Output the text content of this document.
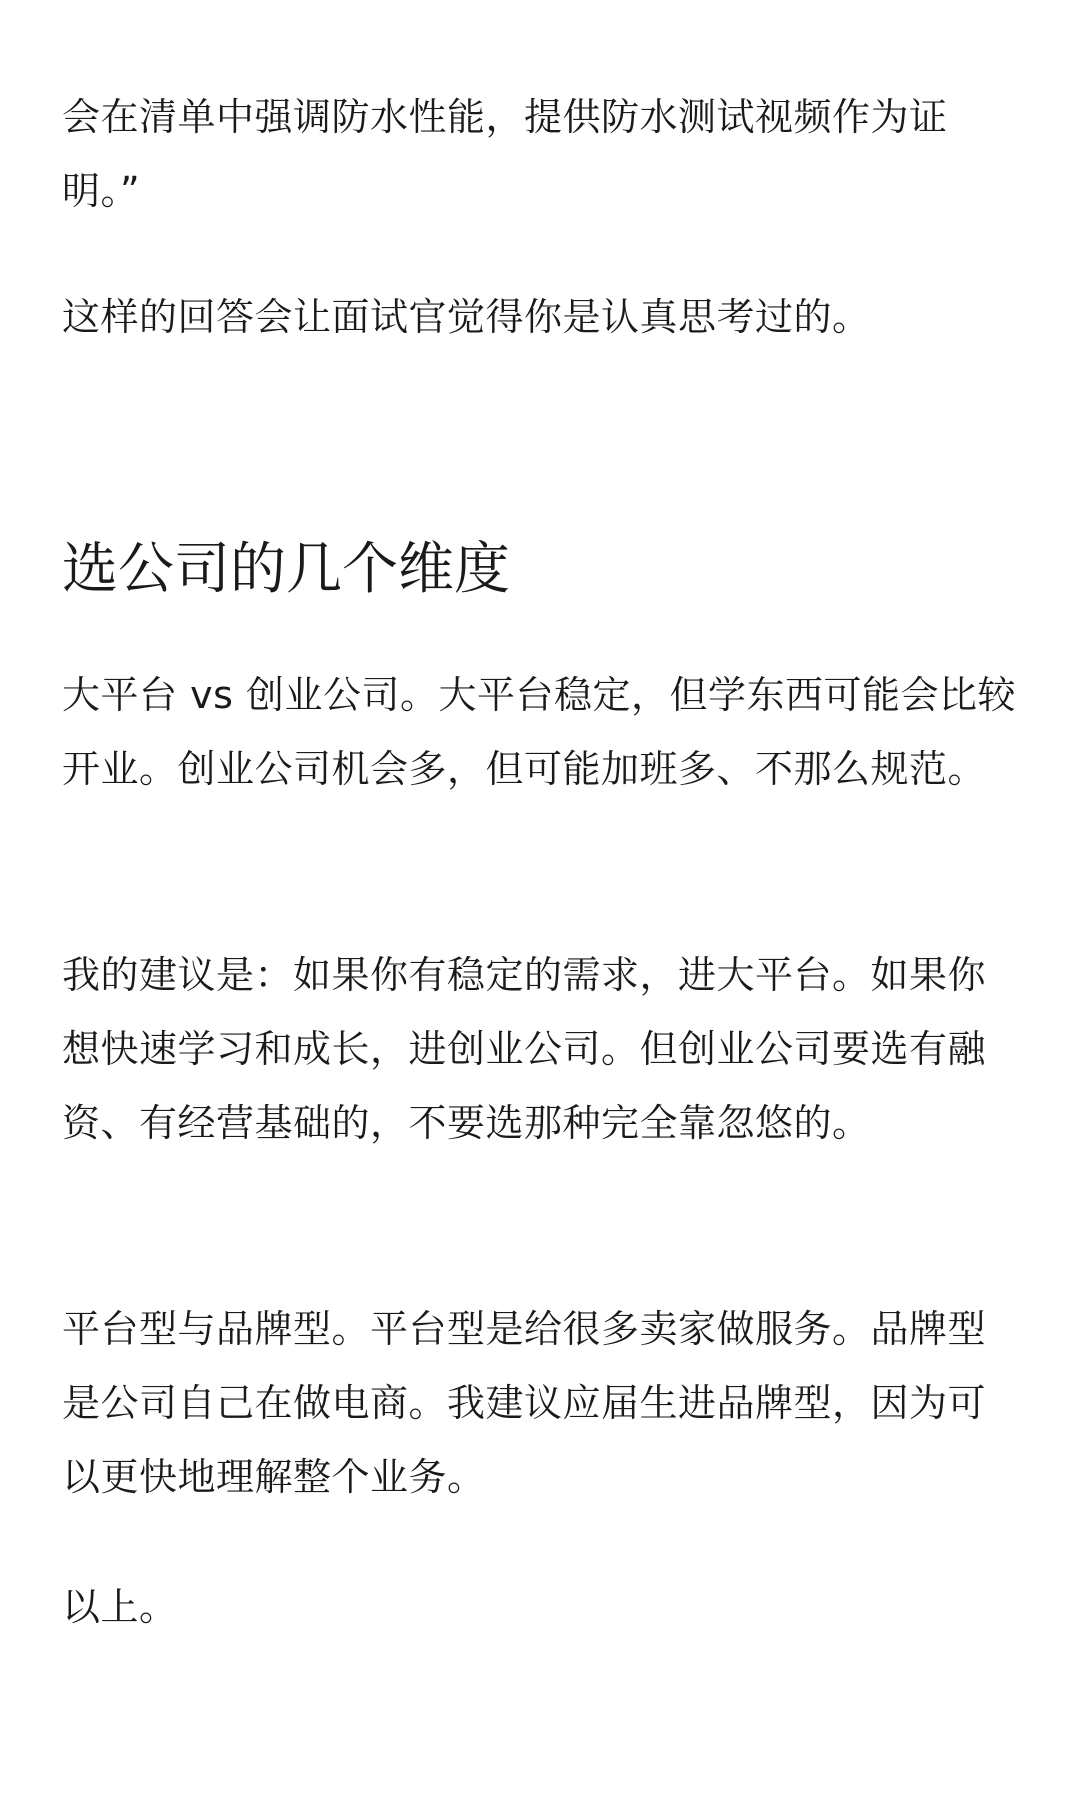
会在清单中强调防水性能，提供防水测试视频作为证明。”

这样的回答会让面试官觉得你是认真思考过的。

选公司的几个维度

大平台 vs 创业公司。大平台稳定，但学东西可能会比较开业。创业公司机会多，但可能加班多、不那么规范。

我的建议是：如果你有稳定的需求，进大平台。如果你想快速学习和成长，进创业公司。但创业公司要选有融资、有经营基础的，不要选那种完全靠忽悠的。

平台型与品牌型。平台型是给很多卖家做服务。品牌型是公司自己在做电商。我建议应届生进品牌型，因为可以更快地理解整个业务。

以上。
